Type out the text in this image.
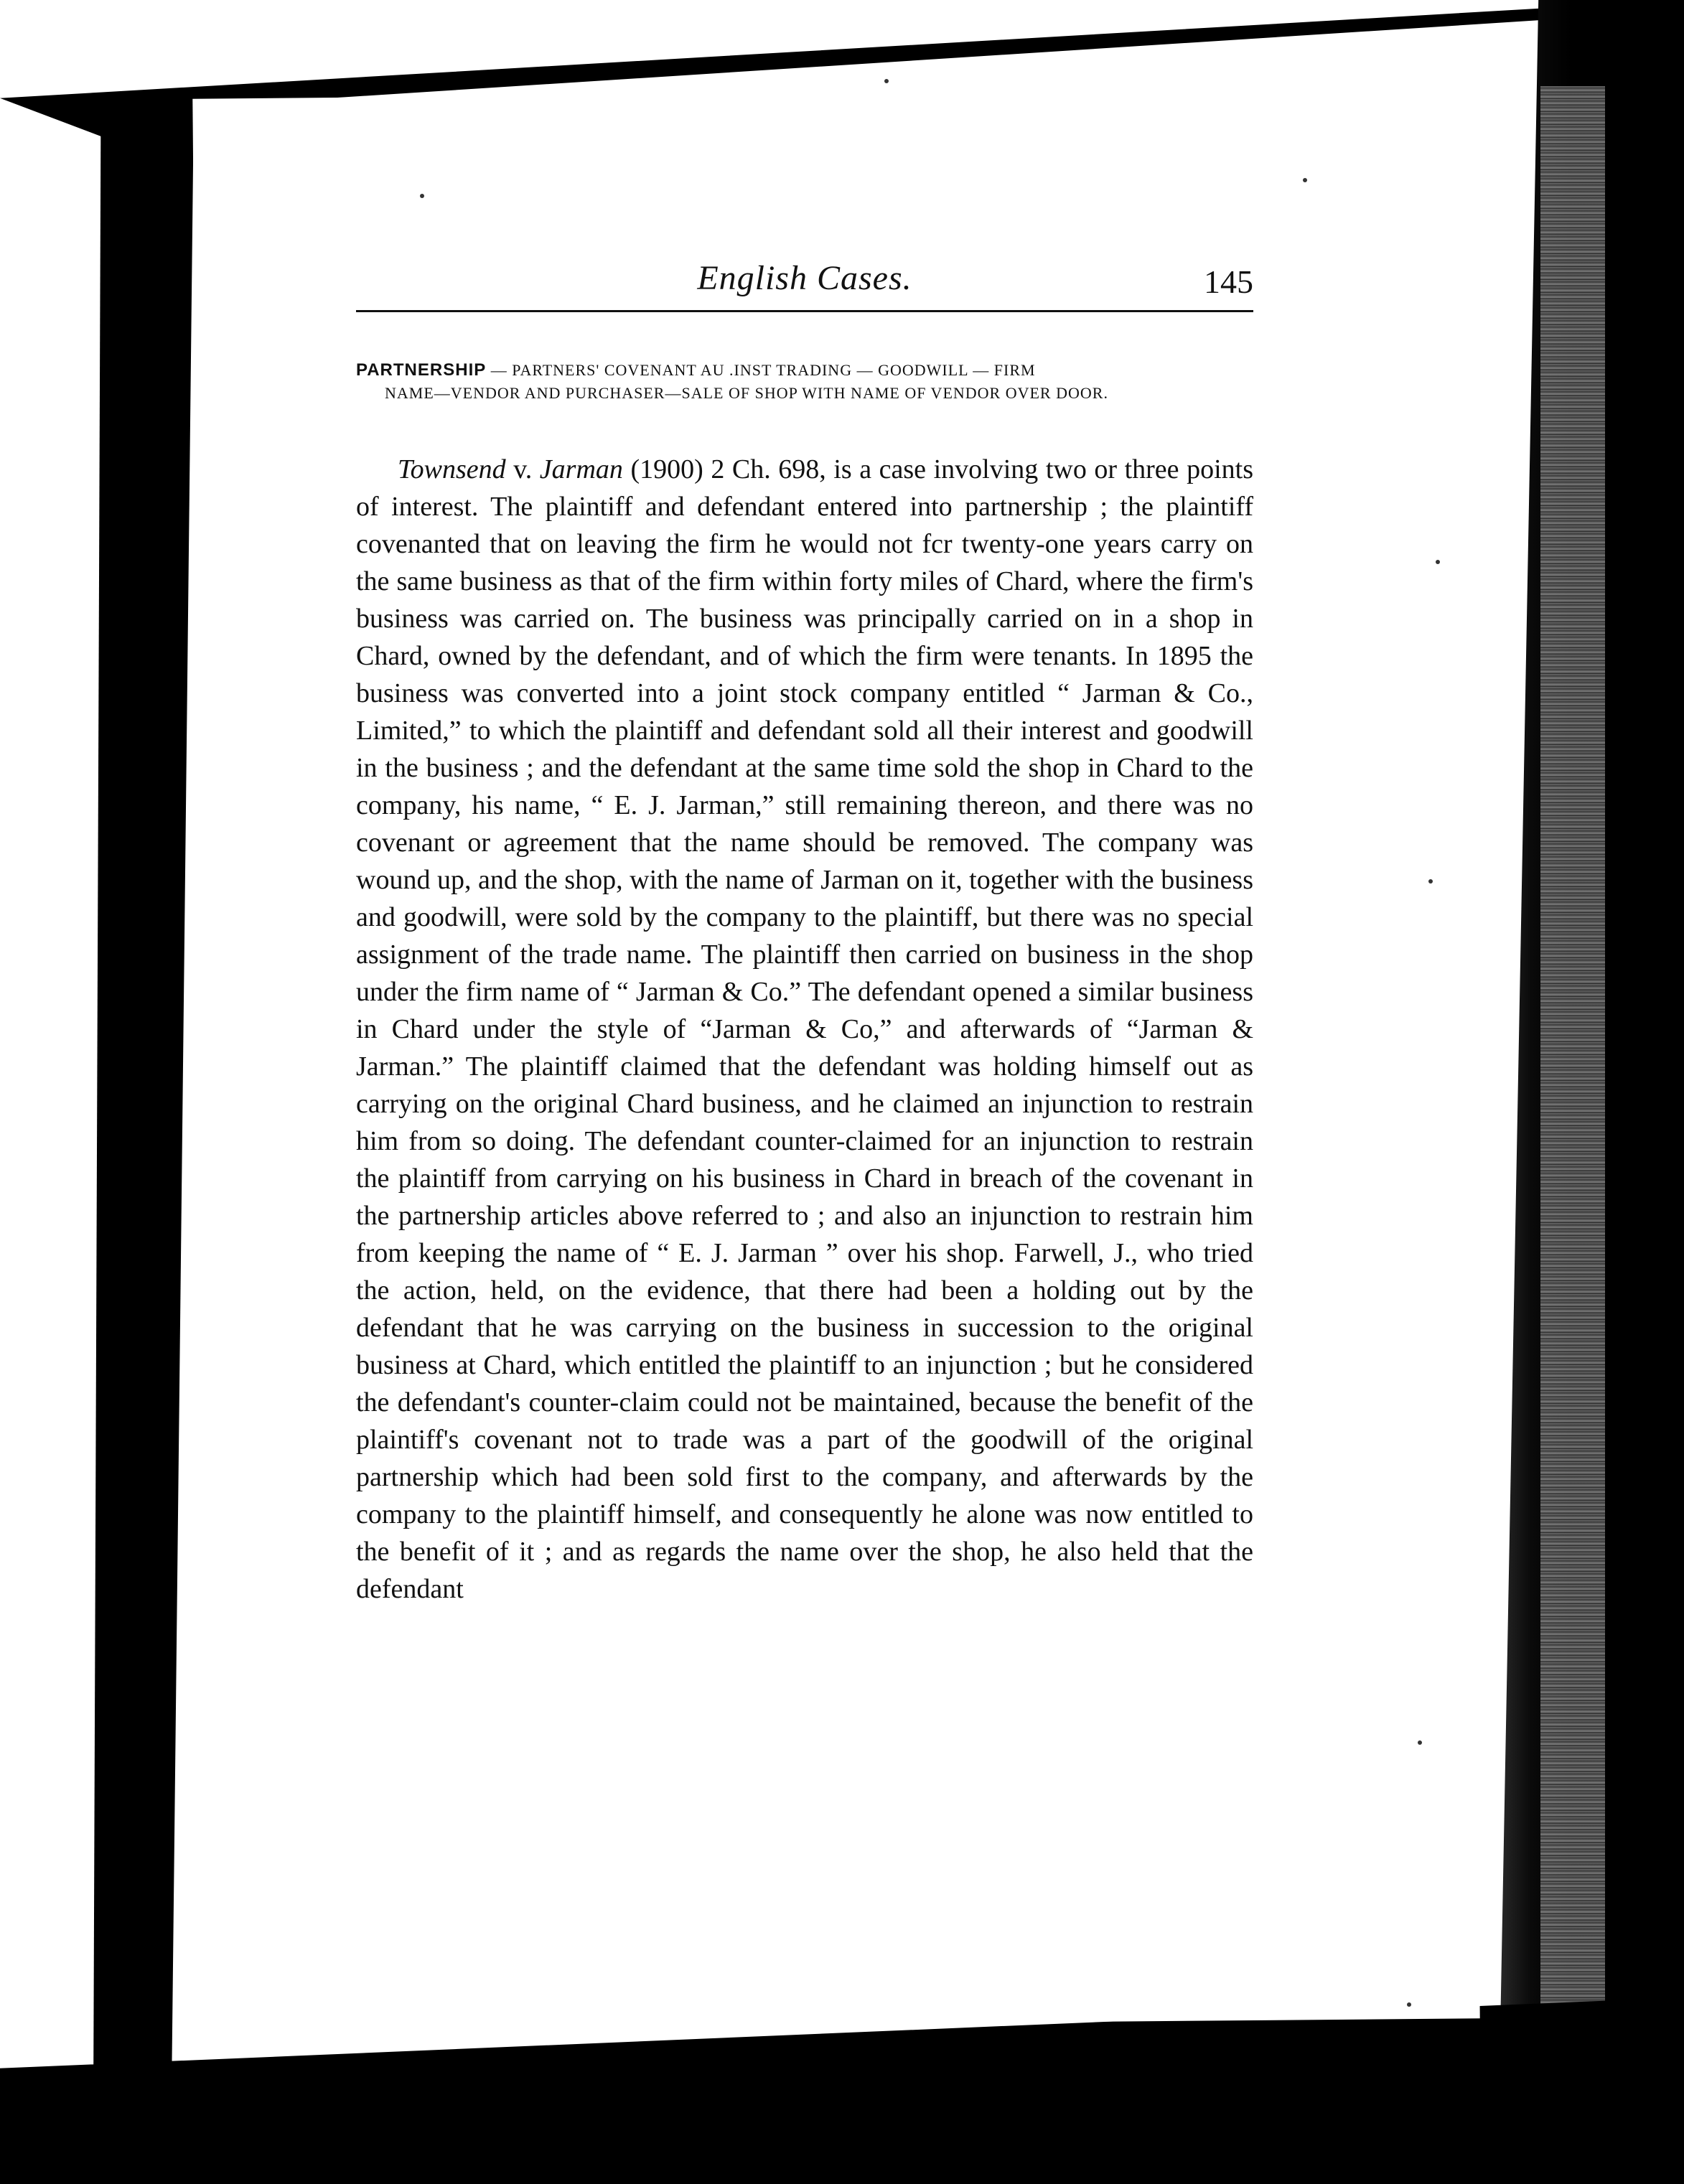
English Cases.	145
PARTNERSHIP — PARTNERS' COVENANT AU .INST TRADING — GOODWILL — FIRM
NAME—VENDOR AND PURCHASER—SALE OF SHOP WITH NAME OF VENDOR OVER DOOR.

Townsend v. Jarman (1900) 2 Ch. 698, is a case involving two or three points of interest. The plaintiff and defendant entered into partnership ; the plaintiff covenanted that on leaving the firm he would not fcr twenty-one years carry on the same business as that of the firm within forty miles of Chard, where the firm's business was carried on. The business was principally carried on in a shop in Chard, owned by the defendant, and of which the firm were tenants. In 1895 the business was converted into a joint stock company entitled “ Jarman & Co., Limited,” to which the plaintiff and defendant sold all their interest and goodwill in the business ; and the defendant at the same time sold the shop in Chard to the company, his name, “ E. J. Jarman,” still remaining thereon, and there was no covenant or agreement that the name should be removed. The company was wound up, and the shop, with the name of Jarman on it, together with the business and goodwill, were sold by the company to the plaintiff, but there was no special assignment of the trade name. The plaintiff then carried on business in the shop under the firm name of “ Jarman & Co.” The defendant opened a similar business in Chard under the style of “Jarman & Co,” and afterwards of “Jarman & Jarman.” The plaintiff claimed that the defendant was holding himself out as carrying on the original Chard business, and he claimed an injunction to restrain him from so doing. The defendant counter-claimed for an injunction to restrain the plaintiff from carrying on his business in Chard in breach of the covenant in the partnership articles above referred to ; and also an injunction to restrain him from keeping the name of “ E. J. Jarman ” over his shop. Farwell, J., who tried the action, held, on the evidence, that there had been a holding out by the defendant that he was carrying on the business in succession to the original business at Chard, which entitled the plaintiff to an injunction ; but he considered the defendant's counter-claim could not be maintained, because the benefit of the plaintiff's covenant not to trade was a part of the goodwill of the original partnership which had been sold first to the company, and afterwards by the company to the plaintiff himself, and consequently he alone was now entitled to the benefit of it ; and as regards the name over the shop, he also held that the defendant
